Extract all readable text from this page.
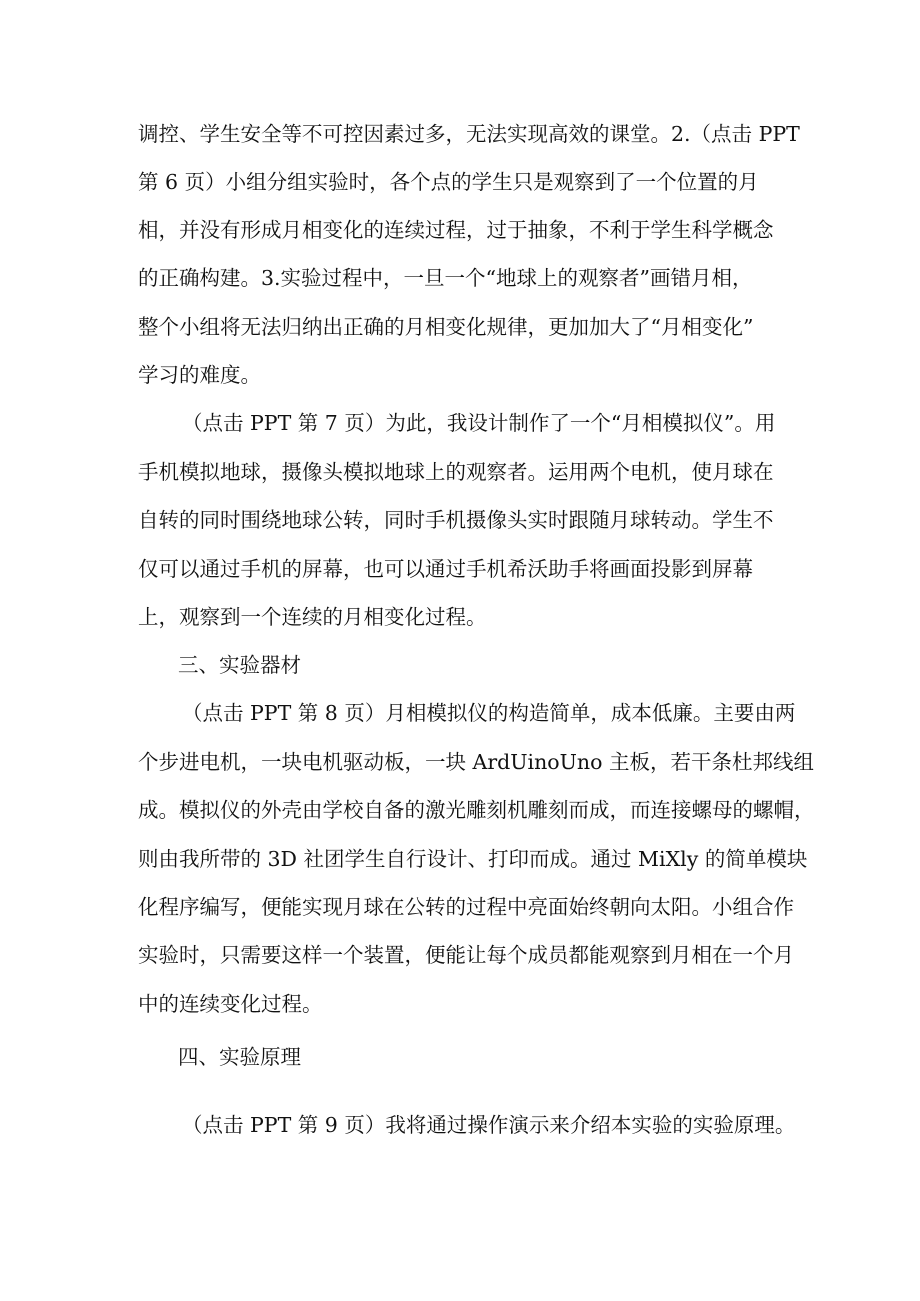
调控、学生安全等不可控因素过多，无法实现高效的课堂。2.（点击 PPT
第 6 页）小组分组实验时，各个点的学生只是观察到了一个位置的月
相，并没有形成月相变化的连续过程，过于抽象，不利于学生科学概念
的正确构建。3.实验过程中，一旦一个“地球上的观察者”画错月相，
整个小组将无法归纳出正确的月相变化规律，更加加大了“月相变化”
学习的难度。
（点击 PPT 第 7 页）为此，我设计制作了一个“月相模拟仪”。用
手机模拟地球，摄像头模拟地球上的观察者。运用两个电机，使月球在
自转的同时围绕地球公转，同时手机摄像头实时跟随月球转动。学生不
仅可以通过手机的屏幕，也可以通过手机希沃助手将画面投影到屏幕
上，观察到一个连续的月相变化过程。
三、实验器材
（点击 PPT 第 8 页）月相模拟仪的构造简单，成本低廉。主要由两
个步进电机，一块电机驱动板，一块 ArdUinoUno 主板，若干条杜邦线组
成。模拟仪的外壳由学校自备的激光雕刻机雕刻而成，而连接螺母的螺帽，
则由我所带的 3D 社团学生自行设计、打印而成。通过 MiXly 的简单模块
化程序编写，便能实现月球在公转的过程中亮面始终朝向太阳。小组合作
实验时，只需要这样一个装置，便能让每个成员都能观察到月相在一个月
中的连续变化过程。
四、实验原理
（点击 PPT 第 9 页）我将通过操作演示来介绍本实验的实验原理。
